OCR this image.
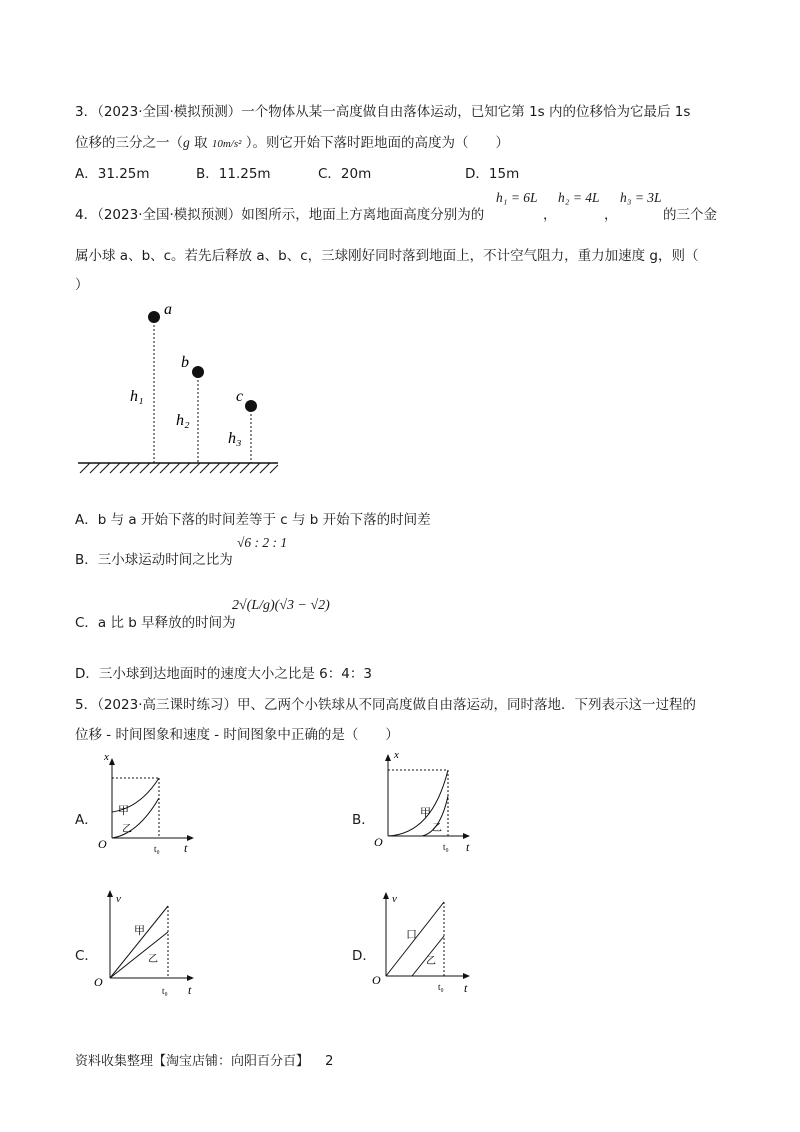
3．（2023·全国·模拟预测）一个物体从某一高度做自由落体运动，已知它第 1s 内的位移恰为它最后 1s
位移的三分之一（g 取 10m/s² ）。则它开始下落时距地面的高度为（　　）
A．31.25m	B．11.25m	C．20m	D．15m
4．（2023·全国·模拟预测）如图所示，地面上方离地面高度分别为的
h₁ = 6L
，
h₂ = 4L
，
h₃ = 3L
的三个金
属小球 a、b、c。若先后释放 a、b、c，三球刚好同时落到地面上，不计空气阻力，重力加速度 g，则（
）
a
b
c
h₁
h₂
h₃
A．b 与 a 开始下落的时间差等于 c 与 b 开始下落的时间差
B．三小球运动时间之比为
√6 : 2 : 1
C．a 比 b 早释放的时间为
2√(L/g)(√3 − √2)
D．三小球到达地面时的速度大小之比是 6：4：3
5．（2023·高三课时练习）甲、乙两个小铁球从不同高度做自由落运动，同时落地．下列表示这一过程的
位移 - 时间图象和速度 - 时间图象中正确的是（　　）
A．
x
t
O	t₀
甲
乙
B．
x
t
O	t₀
甲
乙
C．
v
t
O
t₀
甲
乙	D．
v
t
O	t₀
口
乙
资料收集整理【淘宝店铺：向阳百分百】 2
